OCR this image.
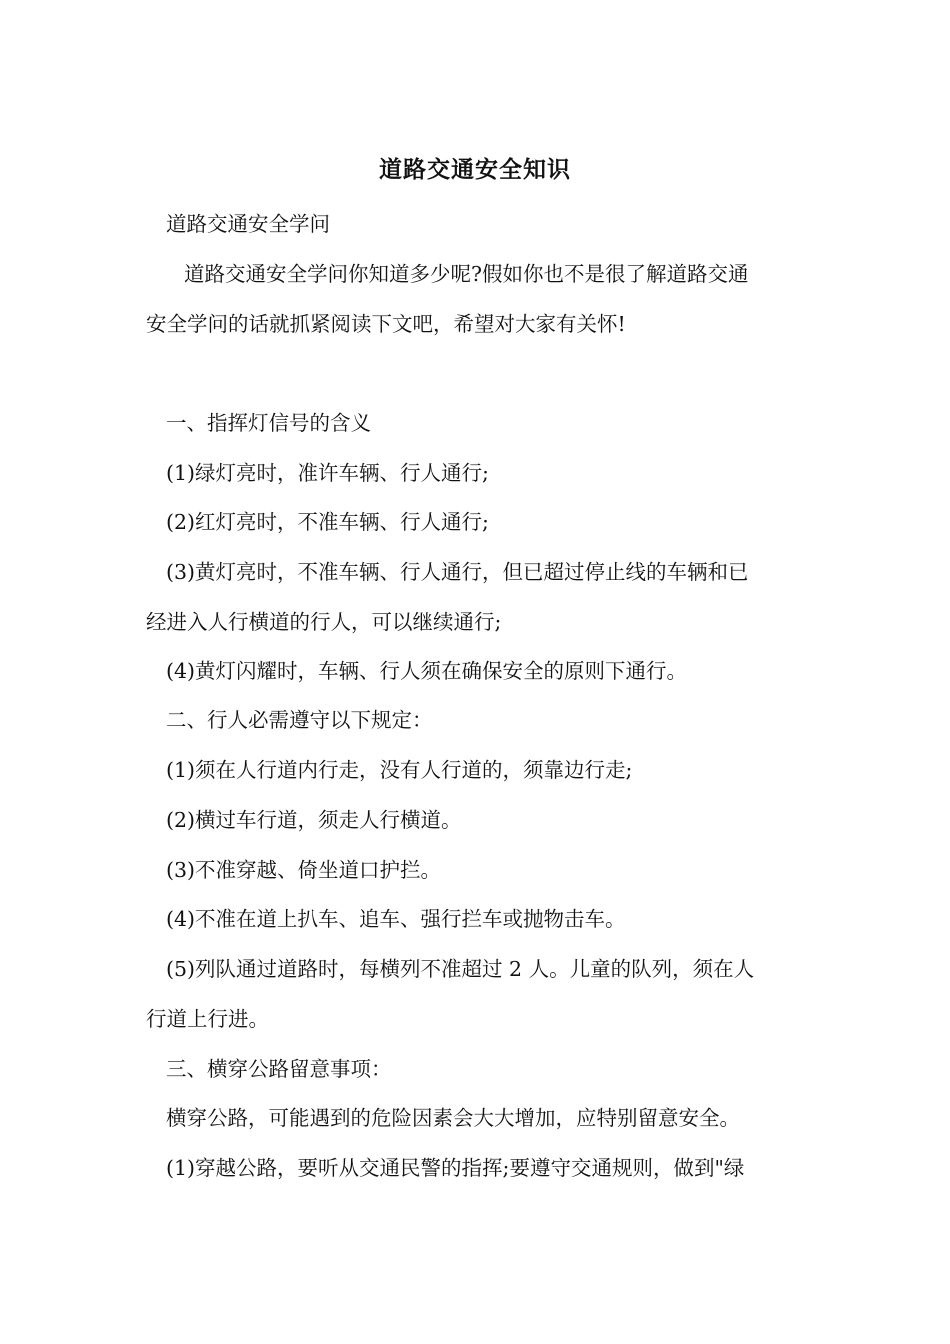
道路交通安全知识

道路交通安全学问

道路交通安全学问你知道多少呢?假如你也不是很了解道路交通
安全学问的话就抓紧阅读下文吧，希望对大家有关怀!

一、指挥灯信号的含义

(1)绿灯亮时，准许车辆、行人通行;

(2)红灯亮时，不准车辆、行人通行;

(3)黄灯亮时，不准车辆、行人通行，但已超过停止线的车辆和已
经进入人行横道的行人，可以继续通行;

(4)黄灯闪耀时，车辆、行人须在确保安全的原则下通行。

二、行人必需遵守以下规定：

(1)须在人行道内行走，没有人行道的，须靠边行走;

(2)横过车行道，须走人行横道。

(3)不准穿越、倚坐道口护拦。

(4)不准在道上扒车、追车、强行拦车或抛物击车。

(5)列队通过道路时，每横列不准超过 2 人。儿童的队列，须在人
行道上行进。

三、横穿公路留意事项：

横穿公路，可能遇到的危险因素会大大增加，应特别留意安全。

(1)穿越公路，要听从交通民警的指挥;要遵守交通规则，做到"绿
